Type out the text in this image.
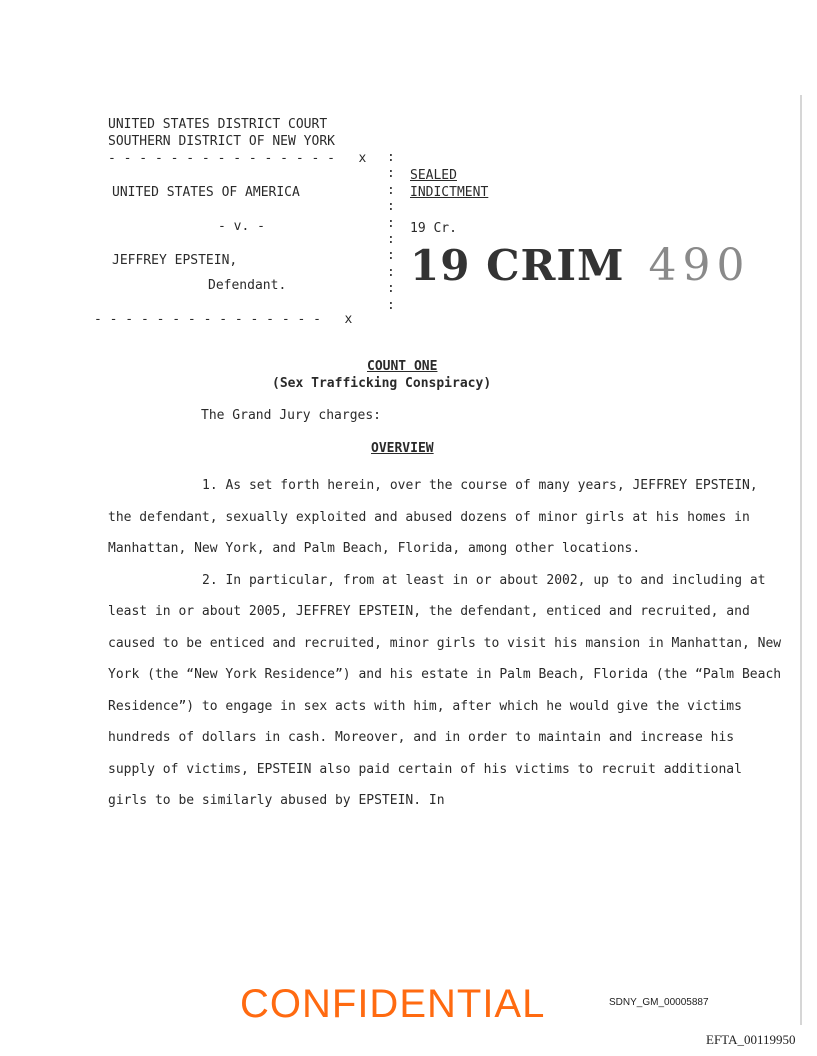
UNITED STATES DISTRICT COURT
SOUTHERN DISTRICT OF NEW YORK
- - - - - - - - - - - - - - -   x
UNITED STATES OF AMERICA
- v. -
JEFFREY EPSTEIN,
Defendant.
- - - - - - - - - - - - - - -   x
:
:
:
:
:
:
:
:
:
:
SEALED
INDICTMENT
19 Cr.
19 CRIM 490
COUNT ONE
(Sex Trafficking Conspiracy)
The Grand Jury charges:
OVERVIEW

1. As set forth herein, over the course of many years, JEFFREY EPSTEIN, the defendant, sexually exploited and abused dozens of minor girls at his homes in Manhattan, New York, and Palm Beach, Florida, among other locations.

2. In particular, from at least in or about 2002, up to and including at least in or about 2005, JEFFREY EPSTEIN, the defendant, enticed and recruited, and caused to be enticed and recruited, minor girls to visit his mansion in Manhattan, New York (the “New York Residence”) and his estate in Palm Beach, Florida (the “Palm Beach Residence”) to engage in sex acts with him, after which he would give the victims hundreds of dollars in cash. Moreover, and in order to maintain and increase his supply of victims, EPSTEIN also paid certain of his victims to recruit additional girls to be similarly abused by EPSTEIN. In

CONFIDENTIAL	SDNY_GM_00005887
EFTA_00119950
